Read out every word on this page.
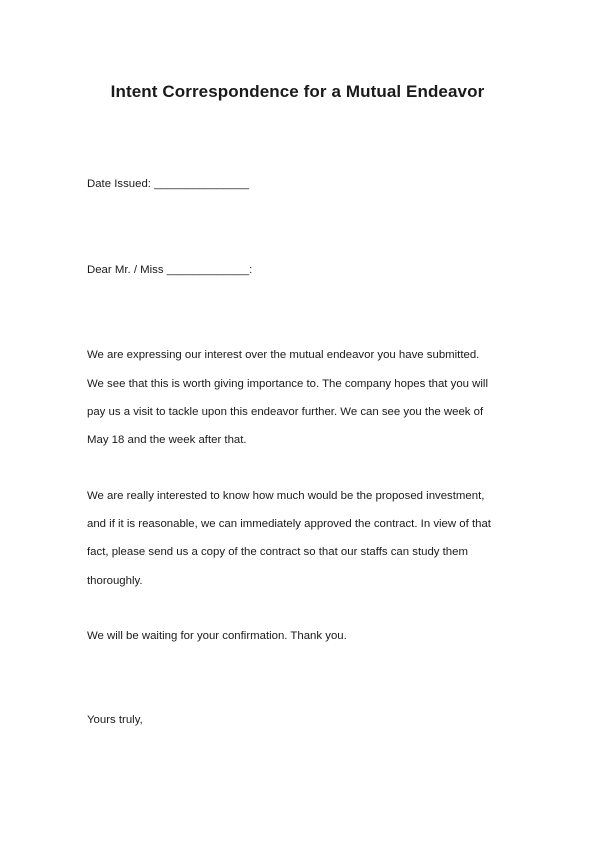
Intent Correspondence for a Mutual Endeavor
Date Issued: _______________
Dear Mr. / Miss _____________:
We are expressing our interest over the mutual endeavor you have submitted.
We see that this is worth giving importance to. The company hopes that you will
pay us a visit to tackle upon this endeavor further. We can see you the week of
May 18 and the week after that.
We are really interested to know how much would be the proposed investment,
and if it is reasonable, we can immediately approved the contract. In view of that
fact, please send us a copy of the contract so that our staffs can study them
thoroughly.
We will be waiting for your confirmation. Thank you.
Yours truly,
